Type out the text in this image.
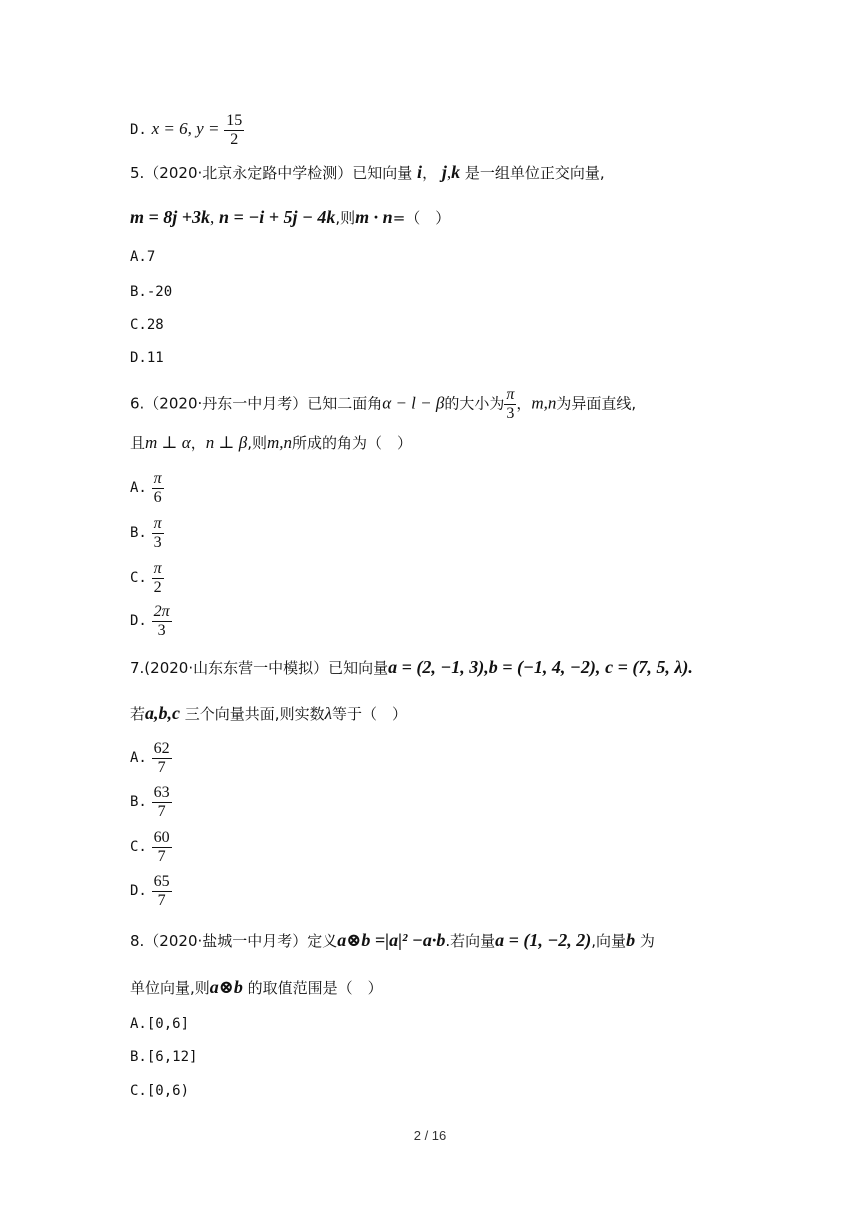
D. x = 6, $y = \frac{15}{2}$
5.（2020·北京永定路中学检测）已知向量 i， j,k 是一组单位正交向量,
m = 8j +3k, n = −i + 5j − 4k,则m · n=（　）
A.7
B.-20
C.28
D.11
6.（2020·丹东一中月考）已知二面角α − l − β的大小为 $\frac{\pi}{3}$ ，m,n为异面直线,
且m ⊥ α，n ⊥ β,则m,n所成的角为（　）
A. $\frac{\pi}{6}$
B. $\frac{\pi}{3}$
C. $\frac{\pi}{2}$
D. $\frac{2\pi}{3}$
7.(2020·山东东营一中模拟）已知向量a = (2, −1, 3),b = (−1, 4, −2), c = (7, 5, λ).
若a,b,c 三个向量共面,则实数λ等于（　）
A. $\frac{62}{7}$
B. $\frac{63}{7}$
C. $\frac{60}{7}$
D. $\frac{65}{7}$
8.（2020·盐城一中月考）定义a⊗b =|a|² −a·b.若向量a = (1, −2, 2),向量b 为
单位向量,则a⊗b 的取值范围是（　）
A.[0,6]
B.[6,12]
C.[0,6)
2 / 16
